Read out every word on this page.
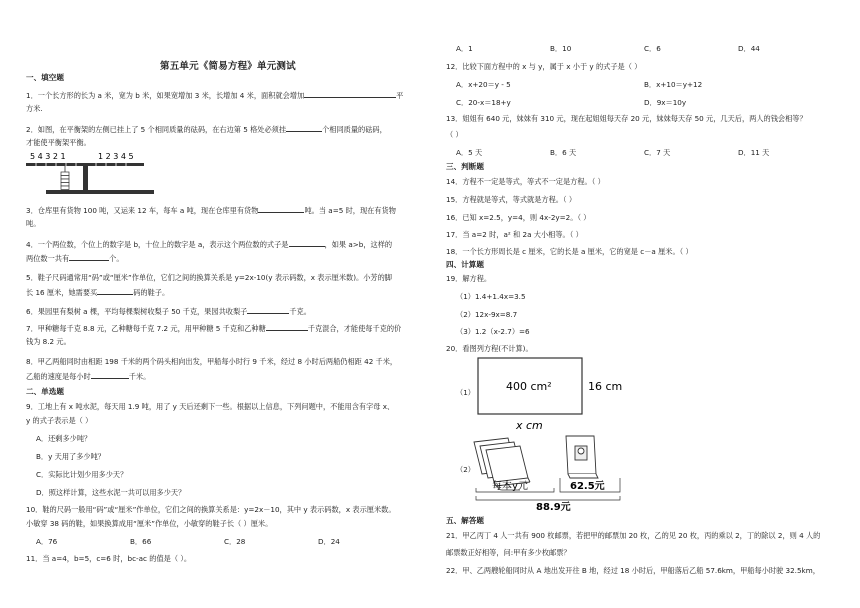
第五单元《简易方程》单元测试
一、填空题
1．一个长方形的长为 a 米，宽为 b 米，如果宽增加 3 米，长增加 4 米，面积就会增加	平
方米.
2．如图，在平衡架的左侧已挂上了 5 个相同质量的砝码，在右边第 5 格处必须挂	个相同质量的砝码，
才能使平衡架平衡。
5 4 3 2 1	1 2 3 4 5
3．仓库里有货物 100 吨，又运来 12 车，每车 a 吨，现在仓库里有货物	吨。当 a=5 时，现在有货物
吨。
4．一个两位数，个位上的数字是 b，十位上的数字是 a，表示这个两位数的式子是	，如果 a>b，这样的
两位数一共有	个。
5．鞋子尺码通常用“码”或“厘米”作单位，它们之间的换算关系是 y=2x-10(y 表示码数，x 表示厘米数)。小芳的脚
长 16 厘米，她需要买	码的鞋子。
6．果园里有梨树 a 棵，平均每棵梨树收梨子 50 千克，果园共收梨子	千克。
7．甲种糖每千克 8.8 元，乙种糖每千克 7.2 元，用甲种糖 5 千克和乙种糖	千克混合，才能使每千克的价
钱为 8.2 元。
8．甲乙两船同时由相距 198 千米的两个码头相向出发，甲船每小时行 9 千米，经过 8 小时后两船仍相距 42 千米，
乙船的速度是每小时	千米。
二、单选题
9．工地上有 x 吨水泥，每天用 1.9 吨，用了 y 天后还剩下一些。根据以上信息，下列问题中，不能用含有字母 x、
y 的式子表示是（ ）
A．还剩多少吨？
B．y 天用了多少吨？
C．实际比计划少用多少天？
D．照这样计算，这些水泥一共可以用多少天？
10．鞋的尺码一般用“码”或“厘米”作单位，它们之间的换算关系是：y=2x－10，其中 y 表示码数，x 表示厘米数。
小敏穿 38 码的鞋，如果换算成用“厘米”作单位，小敏穿的鞋子长（ ）厘米。
A．76	B．66	C．28	D．24
11．当 a=4，b=5，c=6 时，bc-ac 的值是（ ）。
A．1	B．10	C．6	D．44
12．比较下面方程中的 x 与 y，属于 x 小于 y 的式子是（ ）
A．x+20＝y - 5	B．x+10＝y+12
C．20-x＝18+y	D．9x＝10y
13．姐姐有 640 元，妹妹有 310 元，现在起姐姐每天存 20 元，妹妹每天存 50 元，几天后，两人的钱会相等？
（ ）
A．5 天	B．6 天	C．7 天	D．11 天
三、判断题
14．方程不一定是等式，等式不一定是方程。（ ）
15．方程就是等式，等式就是方程。（ ）
16．已知 x=2.5，y=4，则 4x-2y=2。（ ）
17．当 a=2 时，a² 和 2a 大小相等。（ ）
18．一个长方形周长是 c 厘米，它的长是 a 厘米，它的宽是 c－a 厘米。（ ）
四、计算题
19．解方程。
（1）1.4+1.4x=3.5
（2）12x-9x=8.7
（3）1.2（x-2.7）=6
20．看图列方程(不计算)。
（1）	400 cm²	16 cm
x cm
（2）
每本y元	62.5元
88.9元
五、解答题
21．甲乙丙丁 4 人一共有 900 枚邮票，若把甲的邮票加 20 枚，乙的见 20 枚，丙的乘以 2，丁的除以 2，则 4 人的
邮票数正好相等，问:甲有多少枚邮票？
22．甲、乙两艘轮船同时从 A 地出发开往 B 地，经过 18 小时后，甲船落后乙船 57.6km，甲船每小时驶 32.5km，
